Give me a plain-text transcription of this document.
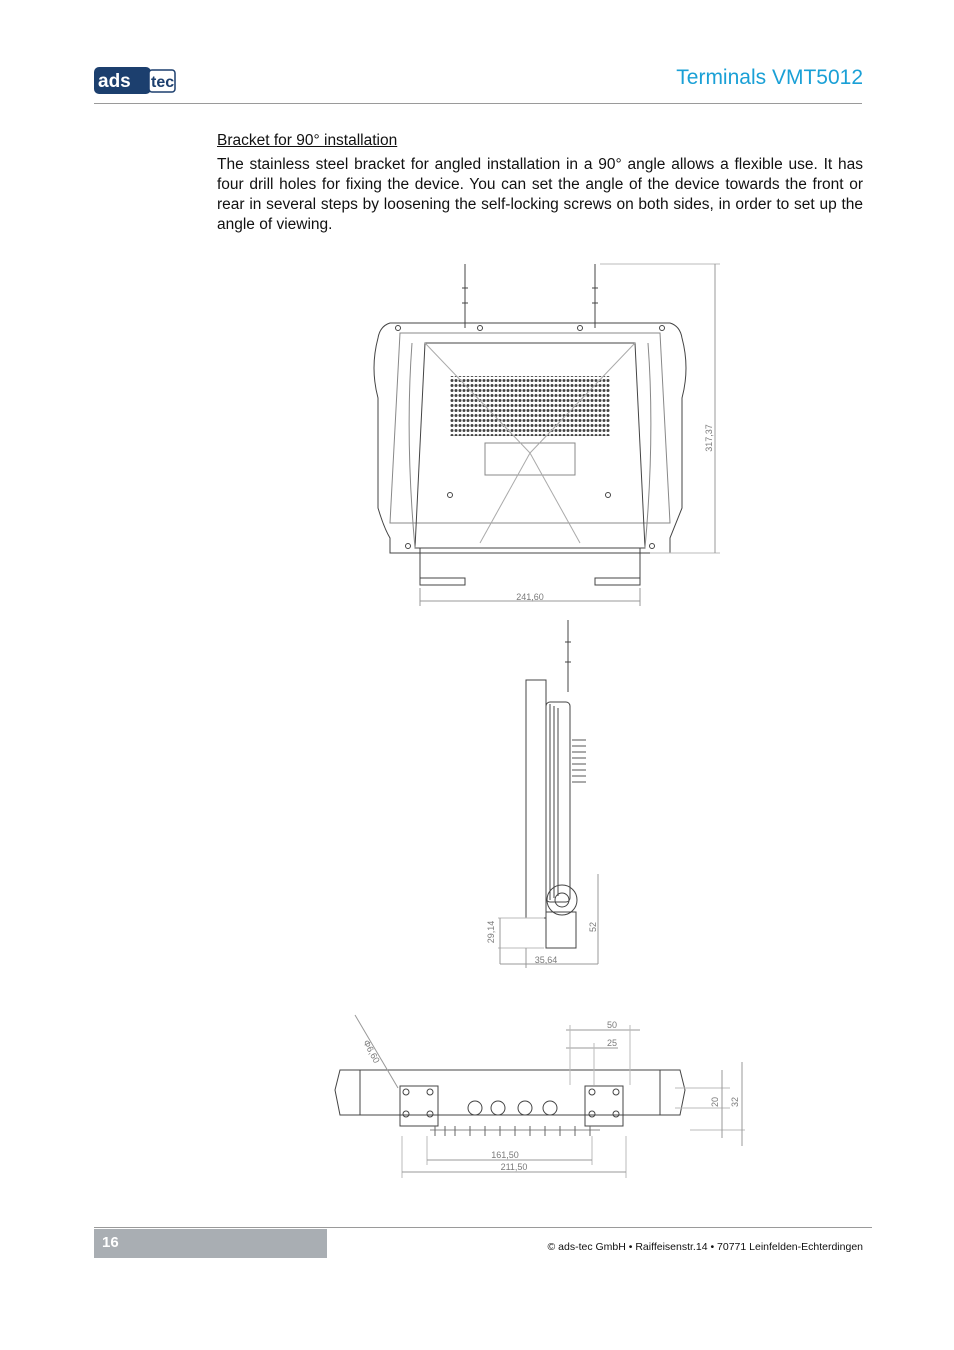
ads tec	Terminals VMT5012
Bracket for 90° installation
The stainless steel bracket for angled installation in a 90° angle allows a flexible use. It has four drill holes for fixing the device. You can set the angle of the device towards the front or rear in several steps by loosening the self-locking screws on both sides, in order to set up the angle of viewing.
241,60
317,37
29,14	52
35,64
Φ6,60
50
25
20 32
161,50
211,50
16	© ads-tec GmbH • Raiffeisenstr.14 • 70771 Leinfelden-Echterdingen
